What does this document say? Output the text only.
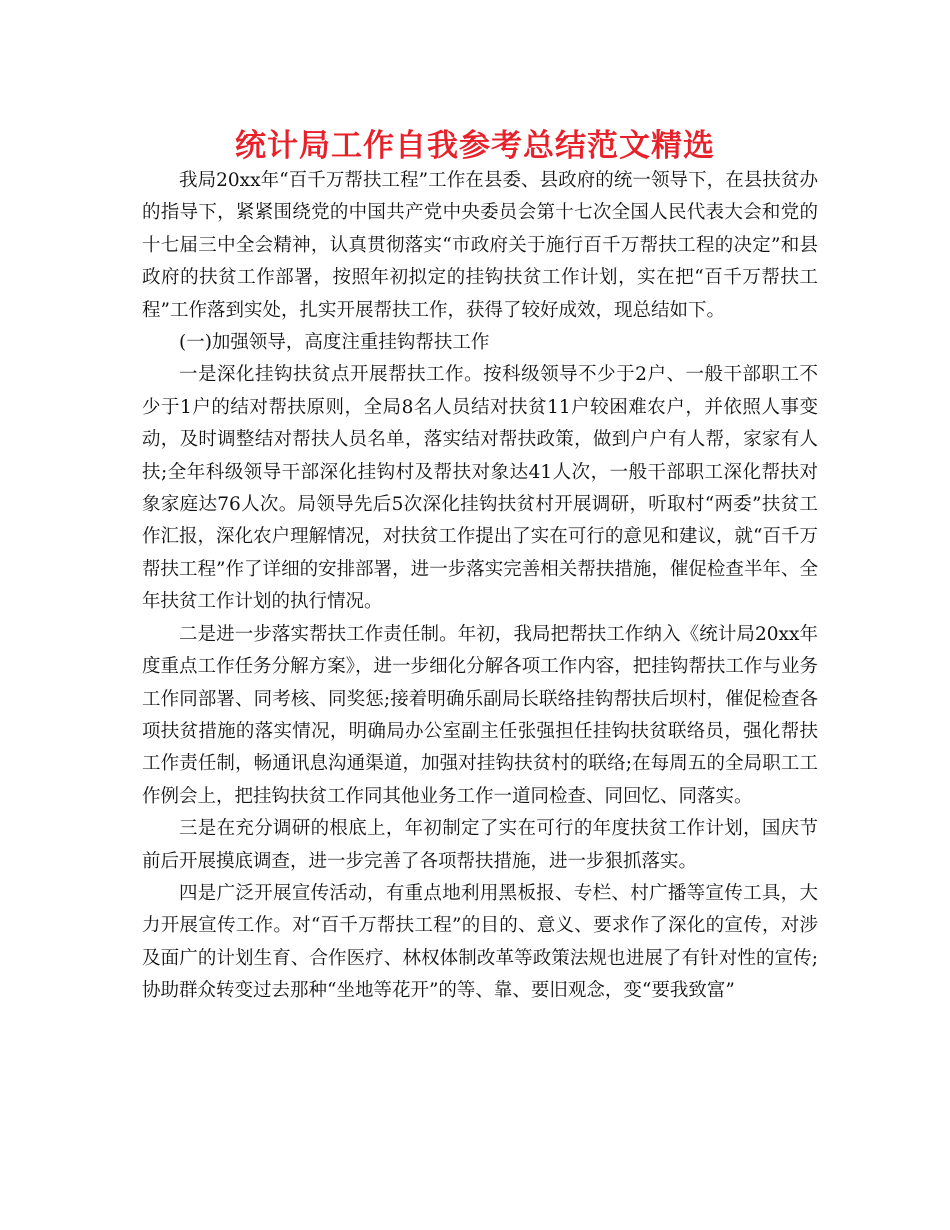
统计局工作自我参考总结范文精选

我局20xx年“百千万帮扶工程”工作在县委、县政府的统一领导下，在县扶贫办的指导下，紧紧围绕党的中国共产党中央委员会第十七次全国人民代表大会和党的十七届三中全会精神，认真贯彻落实“市政府关于施行百千万帮扶工程的决定”和县政府的扶贫工作部署，按照年初拟定的挂钩扶贫工作计划，实在把“百千万帮扶工程”工作落到实处，扎实开展帮扶工作，获得了较好成效，现总结如下。

(一)加强领导，高度注重挂钩帮扶工作

一是深化挂钩扶贫点开展帮扶工作。按科级领导不少于2户、一般干部职工不少于1户的结对帮扶原则，全局8名人员结对扶贫11户较困难农户，并依照人事变动，及时调整结对帮扶人员名单，落实结对帮扶政策，做到户户有人帮，家家有人扶;全年科级领导干部深化挂钩村及帮扶对象达41人次，一般干部职工深化帮扶对象家庭达76人次。局领导先后5次深化挂钩扶贫村开展调研，听取村“两委”扶贫工作汇报，深化农户理解情况，对扶贫工作提出了实在可行的意见和建议，就“百千万帮扶工程”作了详细的安排部署，进一步落实完善相关帮扶措施，催促检查半年、全年扶贫工作计划的执行情况。

二是进一步落实帮扶工作责任制。年初，我局把帮扶工作纳入《统计局20xx年度重点工作任务分解方案》，进一步细化分解各项工作内容，把挂钩帮扶工作与业务工作同部署、同考核、同奖惩;接着明确乐副局长联络挂钩帮扶后坝村，催促检查各项扶贫措施的落实情况，明确局办公室副主任张强担任挂钩扶贫联络员，强化帮扶工作责任制，畅通讯息沟通渠道，加强对挂钩扶贫村的联络;在每周五的全局职工工作例会上，把挂钩扶贫工作同其他业务工作一道同检查、同回忆、同落实。

三是在充分调研的根底上，年初制定了实在可行的年度扶贫工作计划，国庆节前后开展摸底调查，进一步完善了各项帮扶措施，进一步狠抓落实。

四是广泛开展宣传活动，有重点地利用黑板报、专栏、村广播等宣传工具，大力开展宣传工作。对“百千万帮扶工程”的目的、意义、要求作了深化的宣传，对涉及面广的计划生育、合作医疗、林权体制改革等政策法规也进展了有针对性的宣传;协助群众转变过去那种“坐地等花开”的等、靠、要旧观念，变“要我致富”
